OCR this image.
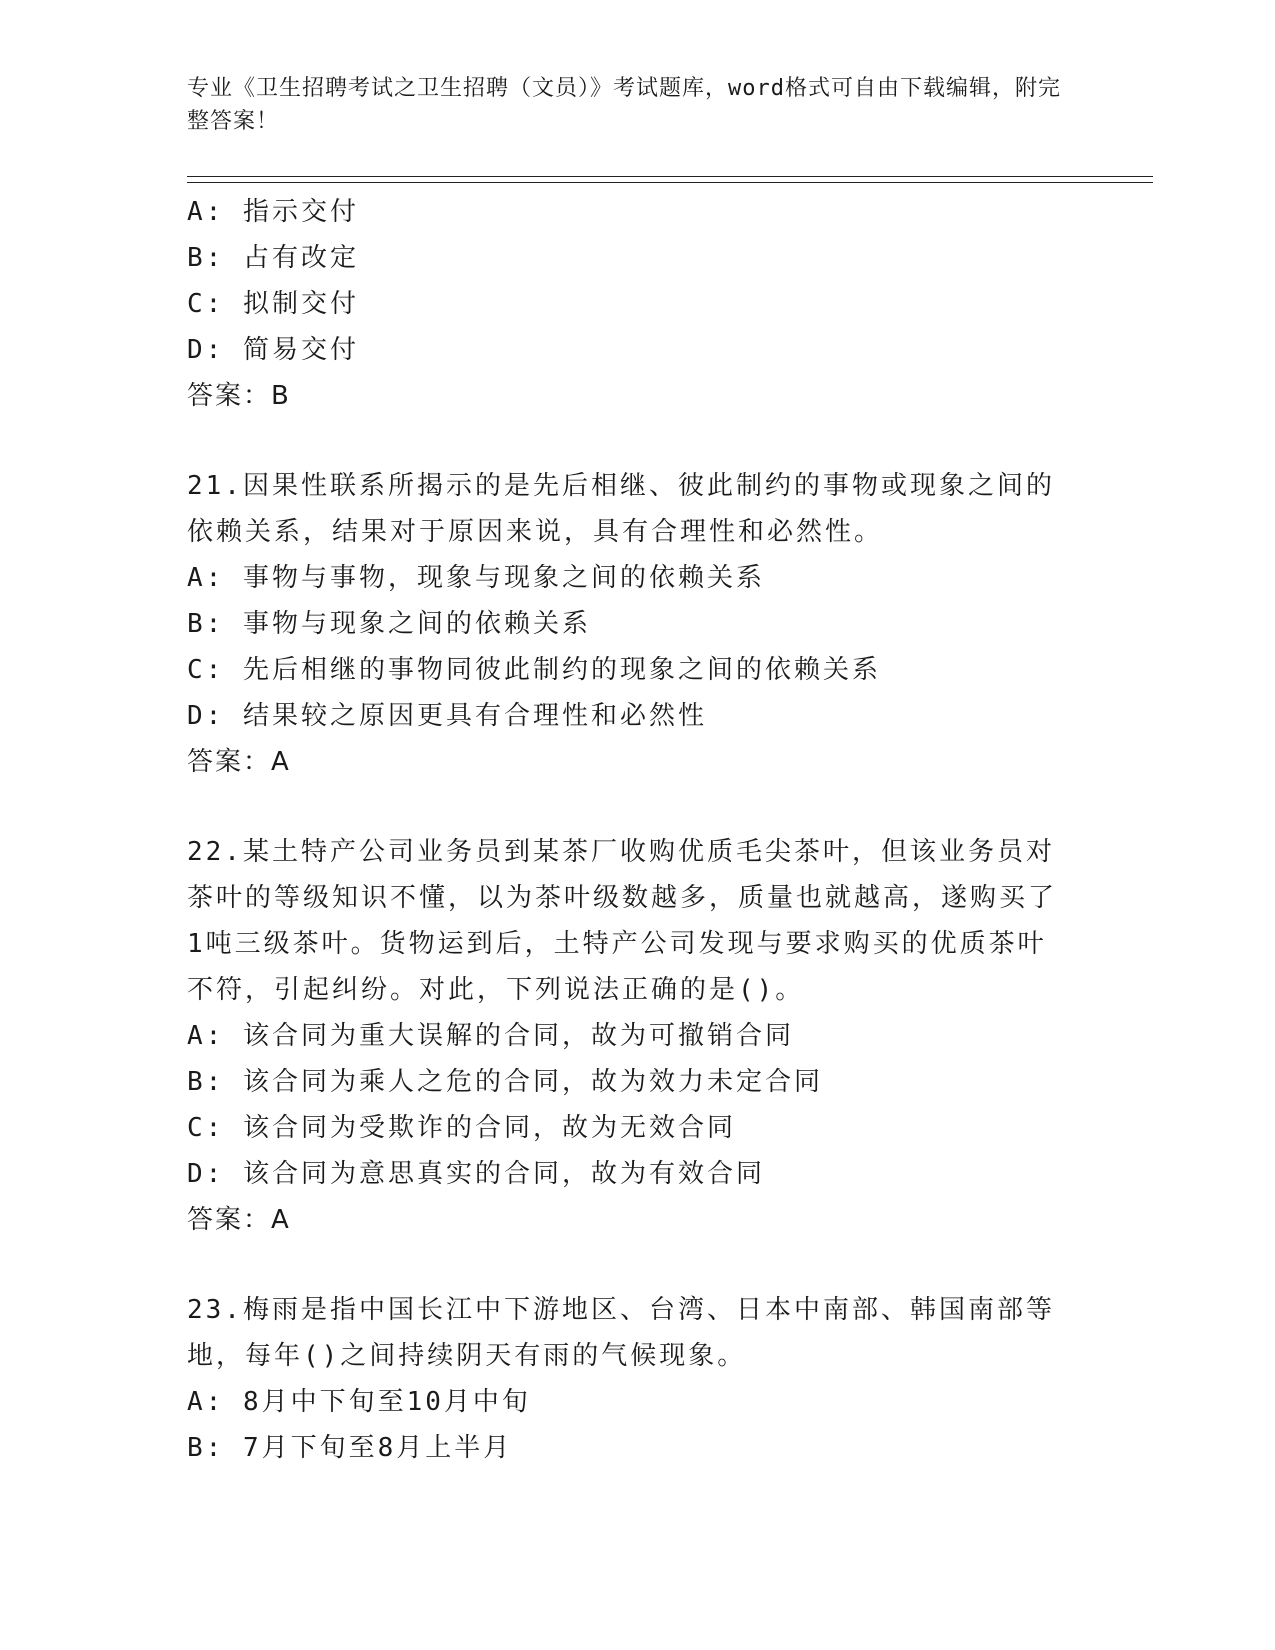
专业《卫生招聘考试之卫生招聘（文员）》考试题库，word格式可自由下载编辑，附完整答案！
A: 指示交付
B: 占有改定
C: 拟制交付
D: 简易交付
答案：B
21.因果性联系所揭示的是先后相继、彼此制约的事物或现象之间的依赖关系，结果对于原因来说，具有合理性和必然性。
A: 事物与事物，现象与现象之间的依赖关系
B: 事物与现象之间的依赖关系
C: 先后相继的事物同彼此制约的现象之间的依赖关系
D: 结果较之原因更具有合理性和必然性
答案：A
22.某土特产公司业务员到某茶厂收购优质毛尖茶叶，但该业务员对茶叶的等级知识不懂，以为茶叶级数越多，质量也就越高，遂购买了1吨三级茶叶。货物运到后，土特产公司发现与要求购买的优质茶叶不符，引起纠纷。对此，下列说法正确的是()。
A: 该合同为重大误解的合同，故为可撤销合同
B: 该合同为乘人之危的合同，故为效力未定合同
C: 该合同为受欺诈的合同，故为无效合同
D: 该合同为意思真实的合同，故为有效合同
答案：A
23.梅雨是指中国长江中下游地区、台湾、日本中南部、韩国南部等地，每年()之间持续阴天有雨的气候现象。
A: 8月中下旬至10月中旬
B: 7月下旬至8月上半月
